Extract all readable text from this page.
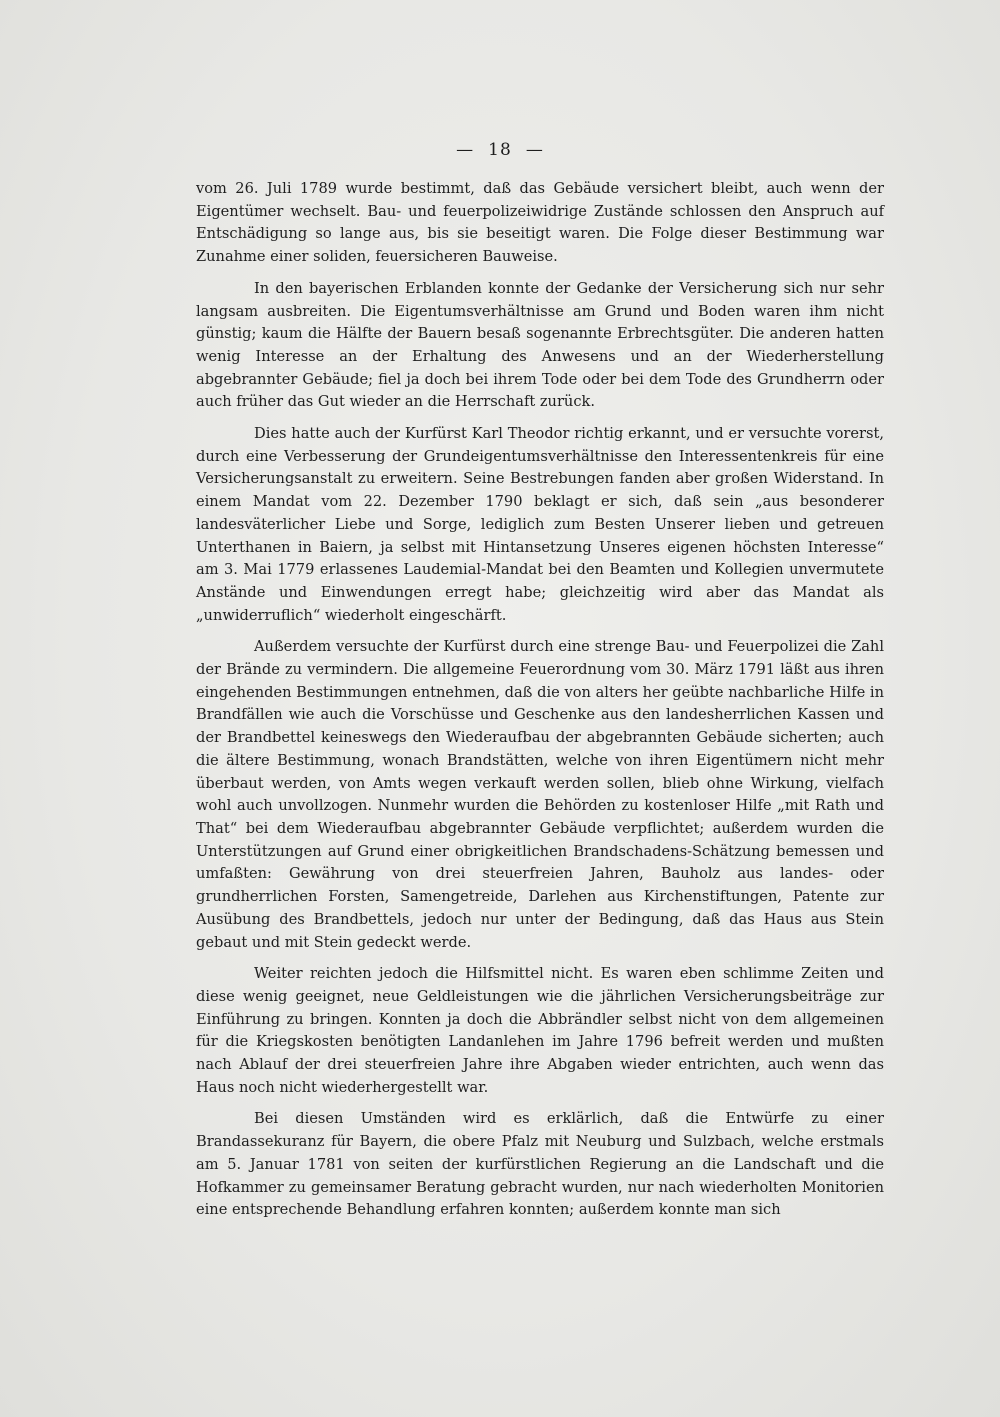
— 18 —

vom 26. Juli 1789 wurde bestimmt, daß das Gebäude versichert bleibt, auch wenn der Eigentümer wechselt. Bau- und feuerpolizeiwidrige Zustände schlossen den Anspruch auf Entschädigung so lange aus, bis sie beseitigt waren. Die Folge dieser Bestimmung war Zunahme einer soliden, feuersicheren Bauweise.

In den bayerischen Erblanden konnte der Gedanke der Versicherung sich nur sehr langsam ausbreiten. Die Eigentumsverhältnisse am Grund und Boden waren ihm nicht günstig; kaum die Hälfte der Bauern besaß sogenannte Erbrechtsgüter. Die anderen hatten wenig Interesse an der Erhaltung des Anwesens und an der Wiederherstellung abgebrannter Gebäude; fiel ja doch bei ihrem Tode oder bei dem Tode des Grundherrn oder auch früher das Gut wieder an die Herrschaft zurück.

Dies hatte auch der Kurfürst Karl Theodor richtig erkannt, und er versuchte vorerst, durch eine Verbesserung der Grundeigentumsverhältnisse den Interessentenkreis für eine Versicherungsanstalt zu erweitern. Seine Bestrebungen fanden aber großen Widerstand. In einem Mandat vom 22. Dezember 1790 beklagt er sich, daß sein „aus besonderer landesväterlicher Liebe und Sorge, lediglich zum Besten Unserer lieben und getreuen Unterthanen in Baiern, ja selbst mit Hintansetzung Unseres eigenen höchsten Interesse“ am 3. Mai 1779 erlassenes Laudemial-Mandat bei den Beamten und Kollegien unvermutete Anstände und Einwendungen erregt habe; gleichzeitig wird aber das Mandat als „unwiderruflich“ wiederholt eingeschärft.

Außerdem versuchte der Kurfürst durch eine strenge Bau- und Feuerpolizei die Zahl der Brände zu vermindern. Die allgemeine Feuerordnung vom 30. März 1791 läßt aus ihren eingehenden Bestimmungen entnehmen, daß die von alters her geübte nachbarliche Hilfe in Brandfällen wie auch die Vorschüsse und Geschenke aus den landesherrlichen Kassen und der Brandbettel keineswegs den Wiederaufbau der abgebrannten Gebäude sicherten; auch die ältere Bestimmung, wonach Brandstätten, welche von ihren Eigentümern nicht mehr überbaut werden, von Amts wegen verkauft werden sollen, blieb ohne Wirkung, vielfach wohl auch unvollzogen. Nunmehr wurden die Behörden zu kostenloser Hilfe „mit Rath und That“ bei dem Wiederaufbau abgebrannter Gebäude verpflichtet; außerdem wurden die Unterstützungen auf Grund einer obrigkeitlichen Brandschadens-Schätzung bemessen und umfaßten: Gewährung von drei steuerfreien Jahren, Bauholz aus landes- oder grundherrlichen Forsten, Samengetreide, Darlehen aus Kirchenstiftungen, Patente zur Ausübung des Brandbettels, jedoch nur unter der Bedingung, daß das Haus aus Stein gebaut und mit Stein gedeckt werde.

Weiter reichten jedoch die Hilfsmittel nicht. Es waren eben schlimme Zeiten und diese wenig geeignet, neue Geldleistungen wie die jährlichen Versicherungsbeiträge zur Einführung zu bringen. Konnten ja doch die Abbrändler selbst nicht von dem allgemeinen für die Kriegskosten benötigten Landanlehen im Jahre 1796 befreit werden und mußten nach Ablauf der drei steuerfreien Jahre ihre Abgaben wieder entrichten, auch wenn das Haus noch nicht wiederhergestellt war.

Bei diesen Umständen wird es erklärlich, daß die Entwürfe zu einer Brandassekuranz für Bayern, die obere Pfalz mit Neuburg und Sulzbach, welche erstmals am 5. Januar 1781 von seiten der kurfürstlichen Regierung an die Landschaft und die Hofkammer zu gemeinsamer Beratung gebracht wurden, nur nach wiederholten Monitorien eine entsprechende Behandlung erfahren konnten; außerdem konnte man sich
